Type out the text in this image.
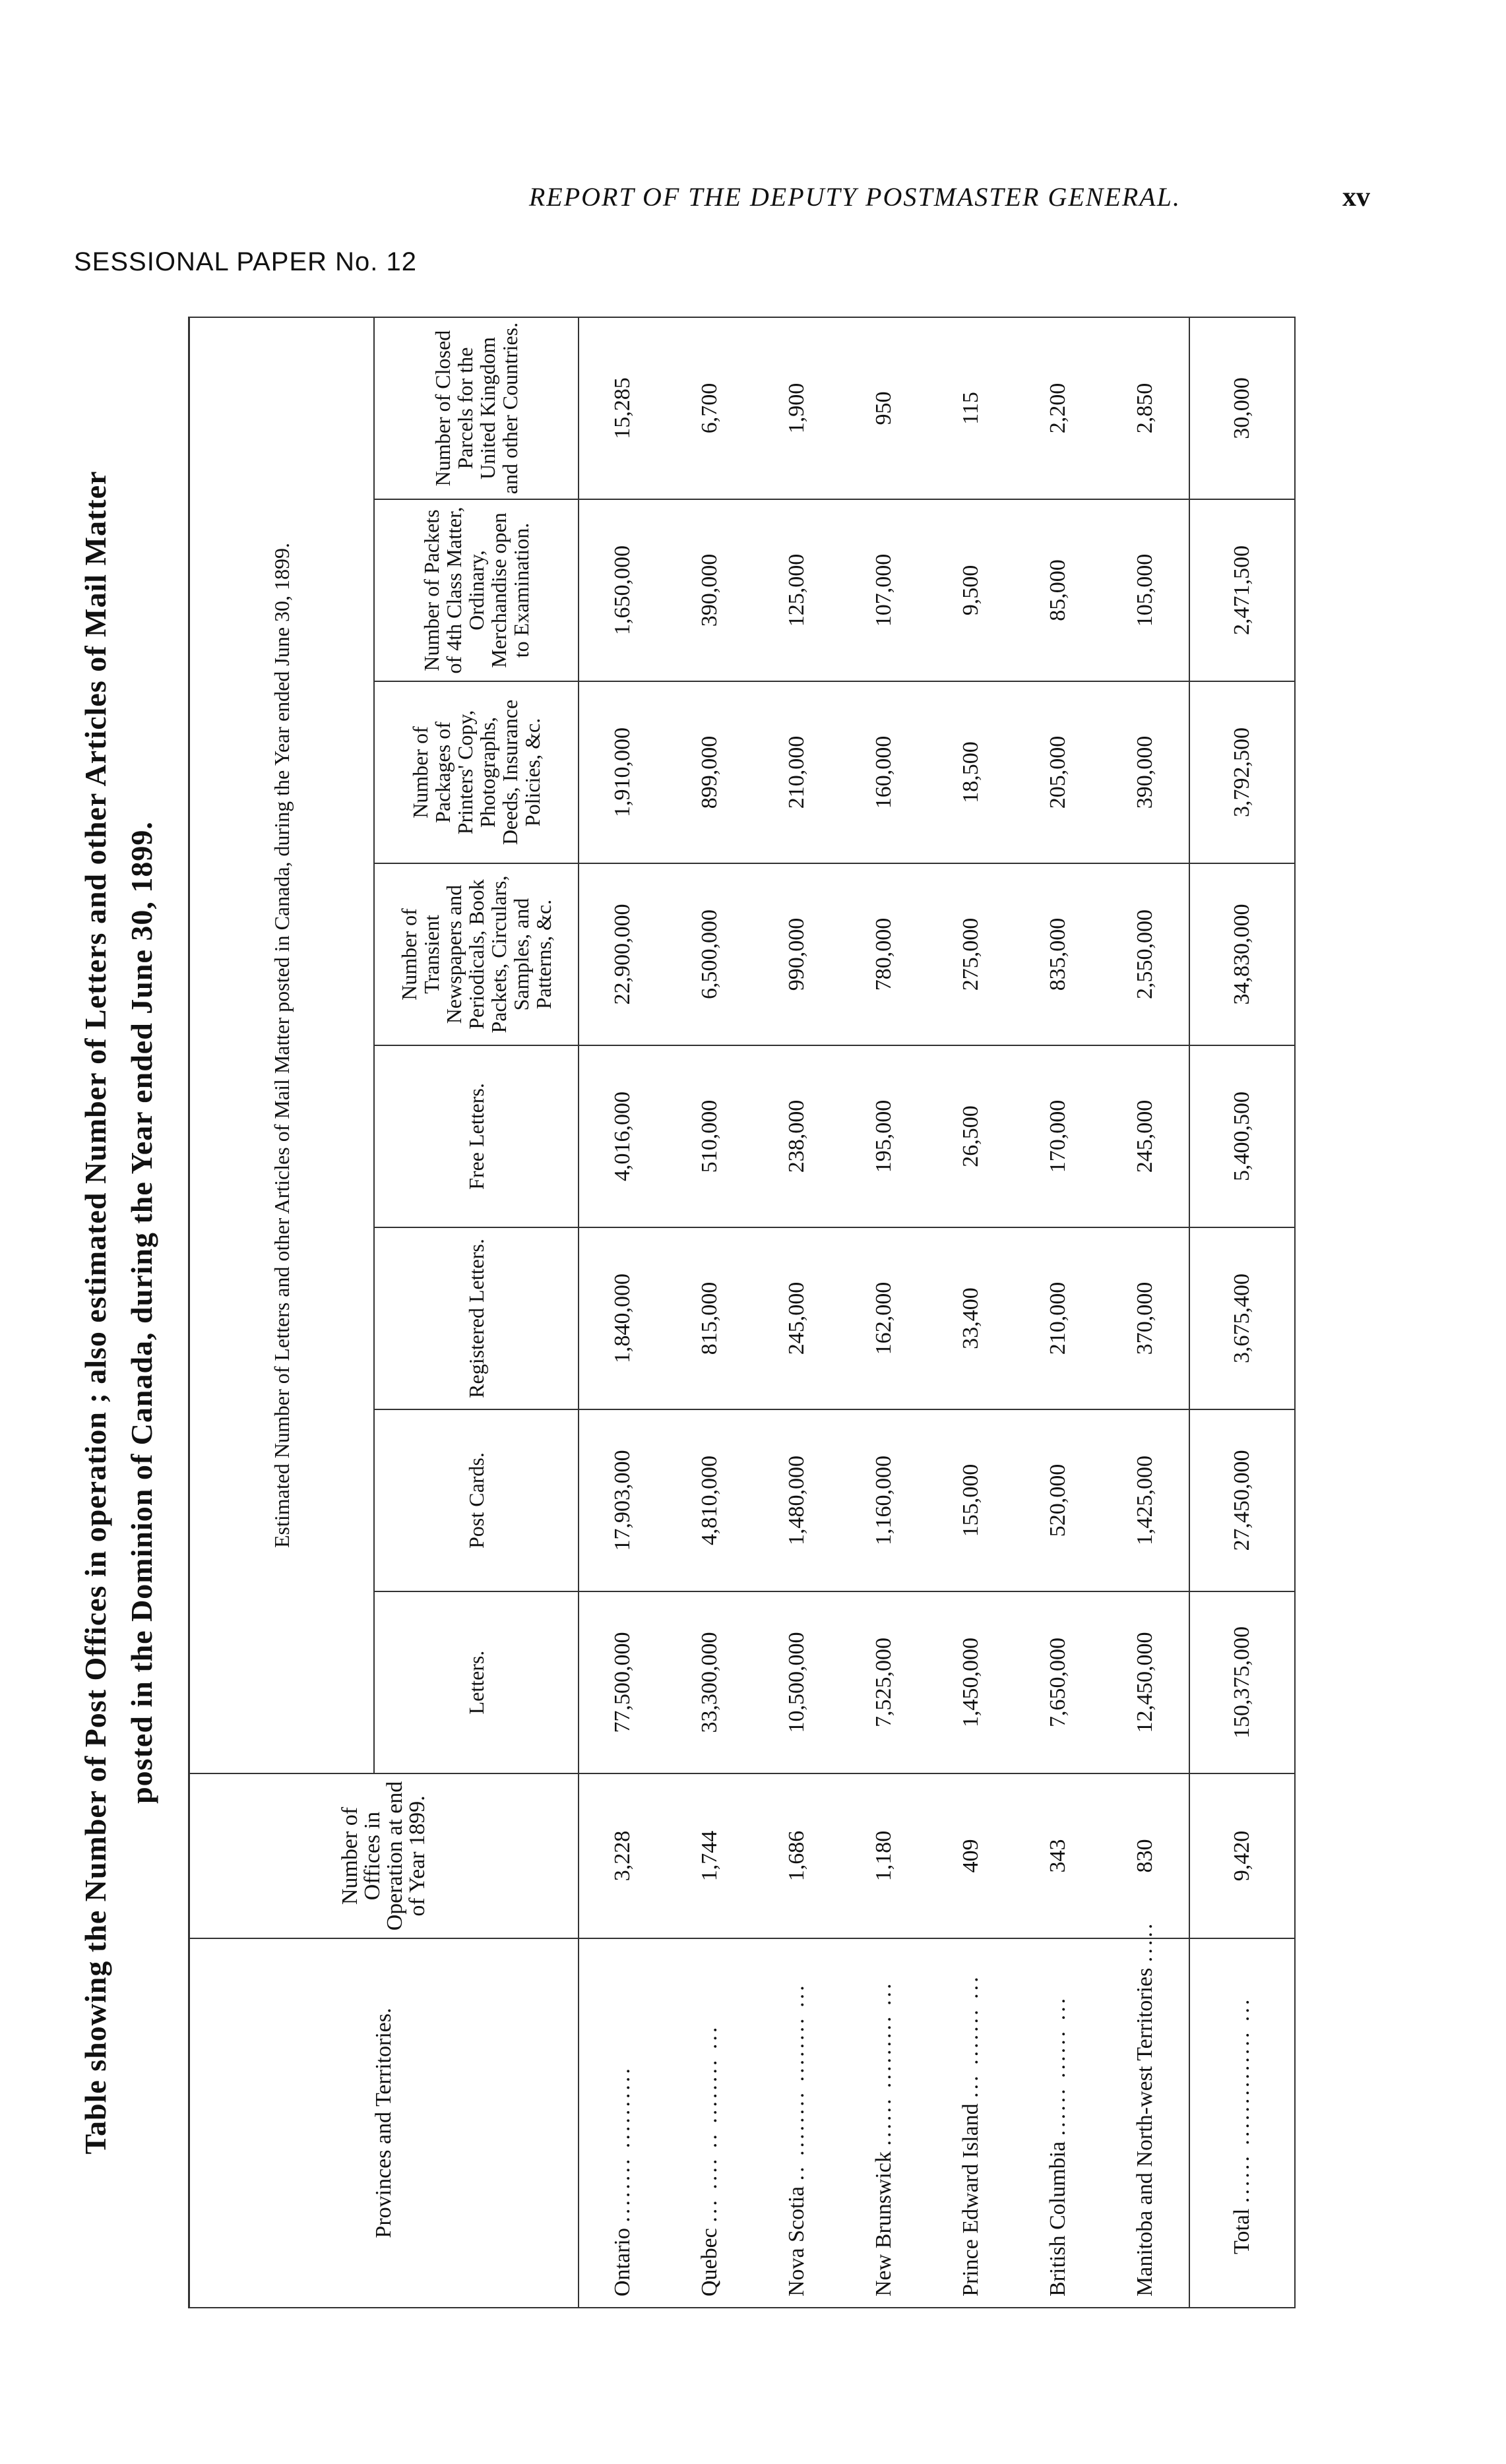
REPORT OF THE DEPUTY POSTMASTER GENERAL.	xv
SESSIONAL PAPER No. 12
Table showing the Number of Post Offices in operation ; also estimated Number of Letters and other Articles of Mail Matter posted in the Dominion of Canada, during the Year ended June 30, 1899.
Provinces and Territories.	Number of Offices in Operation at end of Year 1899.	Estimated Number of Letters and other Articles of Mail Matter posted in Canada, during the Year ended June 30, 1899.							
		Letters.	Post Cards.	Registered Letters.	Free Letters.	Number of Transient Newspapers and Periodicals, Book Packets, Circulars, Samples, and Patterns, &c.	Number of Packages of Printers' Copy, Photographs, Deeds, Insurance Policies, &c.	Number of Packets of 4th Class Matter, Ordinary, Merchandise open to Examination.	Number of Closed Parcels for the United Kingdom and other Countries.
Ontario ........ ..........	3,228	77,500,000	17,903,000	1,840,000	4,016,000	22,900,000	1,910,000	1,650,000	15,285
Quebec ... .... .. ........ ...	1,744	33,300,000	4,810,000	815,000	510,000	6,500,000	899,000	390,000	6,700
Nova Scotia .. ........ ........ ...	1,686	10,500,000	1,480,000	245,000	238,000	990,000	210,000	125,000	1,900
New Brunswick ...... ......... ...	1,180	7,525,000	1,160,000	162,000	195,000	780,000	160,000	107,000	950
Prince Edward Island ... ....... ...	409	1,450,000	155,000	33,400	26,500	275,000	18,500	9,500	115
British Columbia ...... ...... ...	343	7,650,000	520,000	210,000	170,000	835,000	205,000	85,000	2,200
Manitoba and North-west Territories .....	830	12,450,000	1,425,000	370,000	245,000	2,550,000	390,000	105,000	2,850
Total ...... .............. ...	9,420	150,375,000	27,450,000	3,675,400	5,400,500	34,830,000	3,792,500	2,471,500	30,000
